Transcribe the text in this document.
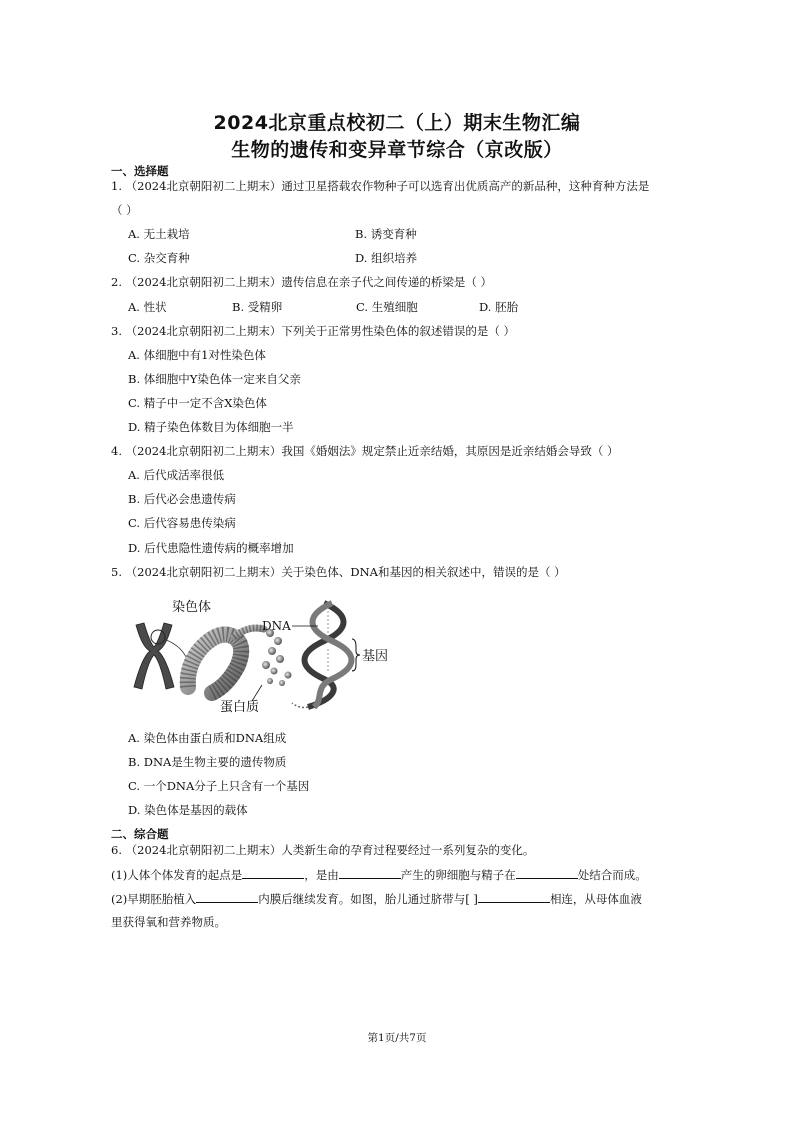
2024北京重点校初二（上）期末生物汇编
生物的遗传和变异章节综合（京改版）
一、选择题
1. （2024北京朝阳初二上期末）通过卫星搭载农作物种子可以选育出优质高产的新品种，这种育种方法是
（ ）
A. 无土栽培	B. 诱变育种
C. 杂交育种	D. 组织培养
2. （2024北京朝阳初二上期末）遗传信息在亲子代之间传递的桥梁是（ ）
A. 性状	B. 受精卵	C. 生殖细胞	D. 胚胎
3. （2024北京朝阳初二上期末）下列关于正常男性染色体的叙述错误的是（ ）
A. 体细胞中有1对性染色体
B. 体细胞中Y染色体一定来自父亲
C. 精子中一定不含X染色体
D. 精子染色体数目为体细胞一半
4. （2024北京朝阳初二上期末）我国《婚姻法》规定禁止近亲结婚，其原因是近亲结婚会导致（ ）
A. 后代成活率很低
B. 后代必会患遗传病
C. 后代容易患传染病
D. 后代患隐性遗传病的概率增加
5. （2024北京朝阳初二上期末）关于染色体、DNA和基因的相关叙述中，错误的是（ ）
染色体
DNA
基因
蛋白质
A. 染色体由蛋白质和DNA组成
B. DNA是生物主要的遗传物质
C. 一个DNA分子上只含有一个基因
D. 染色体是基因的载体
二、综合题
6. （2024北京朝阳初二上期末）人类新生命的孕育过程要经过一系列复杂的变化。
(1)人体个体发育的起点是	，是由	产生的卵细胞与精子在	处结合而成。
(2)早期胚胎植入	内膜后继续发育。如图，胎儿通过脐带与[ ]	相连，从母体血液
里获得氧和营养物质。
第1页/共7页
